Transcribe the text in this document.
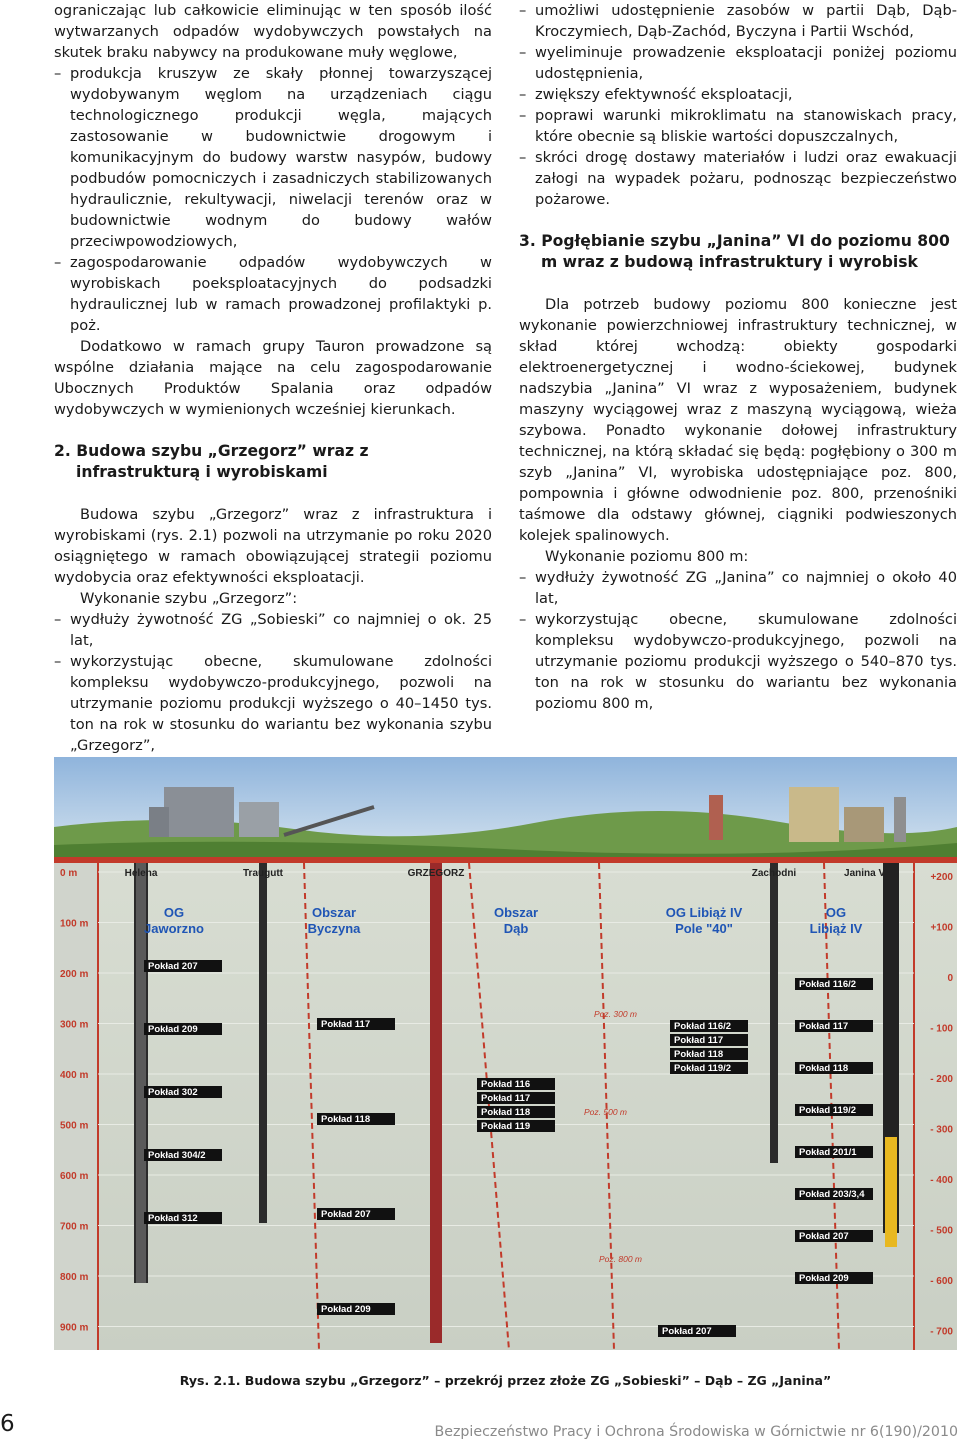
ograniczając lub całkowicie eliminując w ten sposób ilość wytwarzanych odpadów wydobywczych powstałych na skutek braku nabywcy na produkowane muły węglowe,

– produkcja kruszyw ze skały płonnej towarzyszącej wydobywanym węglom na urządzeniach ciągu technologicznego produkcji węgla, mających zastosowanie w budownictwie drogowym i komunikacyjnym do budowy warstw nasypów, budowy podbudów pomocniczych i zasadniczych stabilizowanych hydraulicznie, rekultywacji, niwelacji terenów oraz w budownictwie wodnym do budowy wałów przeciwpowodziowych,

– zagospodarowanie odpadów wydobywczych w wyrobiskach poeksploatacyjnych do podsadzki hydraulicznej lub w ramach prowadzonej profilaktyki p. poż.

Dodatkowo w ramach grupy Tauron prowadzone są wspólne działania mające na celu zagospodarowanie Ubocznych Produktów Spalania oraz odpadów wydobywczych w wymienionych wcześniej kierunkach.

2. Budowa szybu „Grzegorz” wraz z infrastrukturą i wyrobiskami

Budowa szybu „Grzegorz” wraz z infrastruktura i wyrobiskami (rys. 2.1) pozwoli na utrzymanie po roku 2020 osiągniętego w ramach obowiązującej strategii poziomu wydobycia oraz efektywności eksploatacji.

Wykonanie szybu „Grzegorz”:

– wydłuży żywotność ZG „Sobieski” co najmniej o ok. 25 lat,

– wykorzystując obecne, skumulowane zdolności kompleksu wydobywczo-produkcyjnego, pozwoli na utrzymanie poziomu produkcji wyższego o 40–1450 tys. ton na rok w stosunku do wariantu bez wykonania szybu „Grzegorz”,

– umożliwi udostępnienie zasobów w partii Dąb, Dąb-Kroczymiech, Dąb-Zachód, Byczyna i Partii Wschód,

– wyeliminuje prowadzenie eksploatacji poniżej poziomu udostępnienia,

– zwiększy efektywność eksploatacji,

– poprawi warunki mikroklimatu na stanowiskach pracy, które obecnie są bliskie wartości dopuszczalnych,

– skróci drogę dostawy materiałów i ludzi oraz ewakuacji załogi na wypadek pożaru, podnosząc bezpieczeństwo pożarowe.

3. Pogłębianie szybu „Janina” VI do poziomu 800 m wraz z budową infrastruktury i wyrobisk

Dla potrzeb budowy poziomu 800 konieczne jest wykonanie powierzchniowej infrastruktury technicznej, w skład której wchodzą: obiekty gospodarki elektroenergetycznej i wodno-ściekowej, budynek nadszybia „Janina” VI wraz z wyposażeniem, budynek maszyny wyciągowej wraz z maszyną wyciągową, wieża szybowa. Ponadto wykonanie dołowej infrastruktury technicznej, na którą składać się będą: pogłębiony o 300 m szyb „Janina” VI, wyrobiska udostępniające poz. 800, pompownia i główne odwodnienie poz. 800, przenośniki taśmowe dla odstawy głównej, ciągniki podwieszonych kolejek spalinowych.

Wykonanie poziomu 800 m:

– wydłuży żywotność ZG „Janina” co najmniej o około 40 lat,

– wykorzystując obecne, skumulowane zdolności kompleksu wydobywczo-produkcyjnego, pozwoli na utrzymanie poziomu produkcji wyższego o 540–870 tys. ton na rok w stosunku do wariantu bez wykonania poziomu 800 m,

0 m
100 m
200 m
300 m
400 m
500 m
600 m
700 m
800 m
900 m
+200
+100
0
- 100
- 200
- 300
- 400
- 500
- 600
- 700
Helena	Traugutt	GRZEGORZ	Zachodni	Janina VI
OG
Jaworzno
Obszar
Byczyna
Obszar
Dąb
OG Libiąż IV
Pole "40"
OG
Libiąż IV
Pokład 207
Pokład 209
Pokład 302
Pokład 304/2
Pokład 312
Pokład 117
Pokład 118
Pokład 207
Pokład 209
Pokład 116
Pokład 117
Pokład 118
Pokład 119
Pokład 116/2
Pokład 117
Pokład 118
Pokład 119/2
Pokład 116/2
Pokład 117
Pokład 118
Pokład 119/2
Pokład 201/1
Pokład 203/3,4
Pokład 207
Pokład 209
Pokład 207
Poz. 300 m
Poz. 500 m
Poz. 800 m
Rys. 2.1. Budowa szybu „Grzegorz” – przekrój przez złoże ZG „Sobieski” – Dąb – ZG „Janina”
6	Bezpieczeństwo Pracy i Ochrona Środowiska w Górnictwie nr 6(190)/2010
